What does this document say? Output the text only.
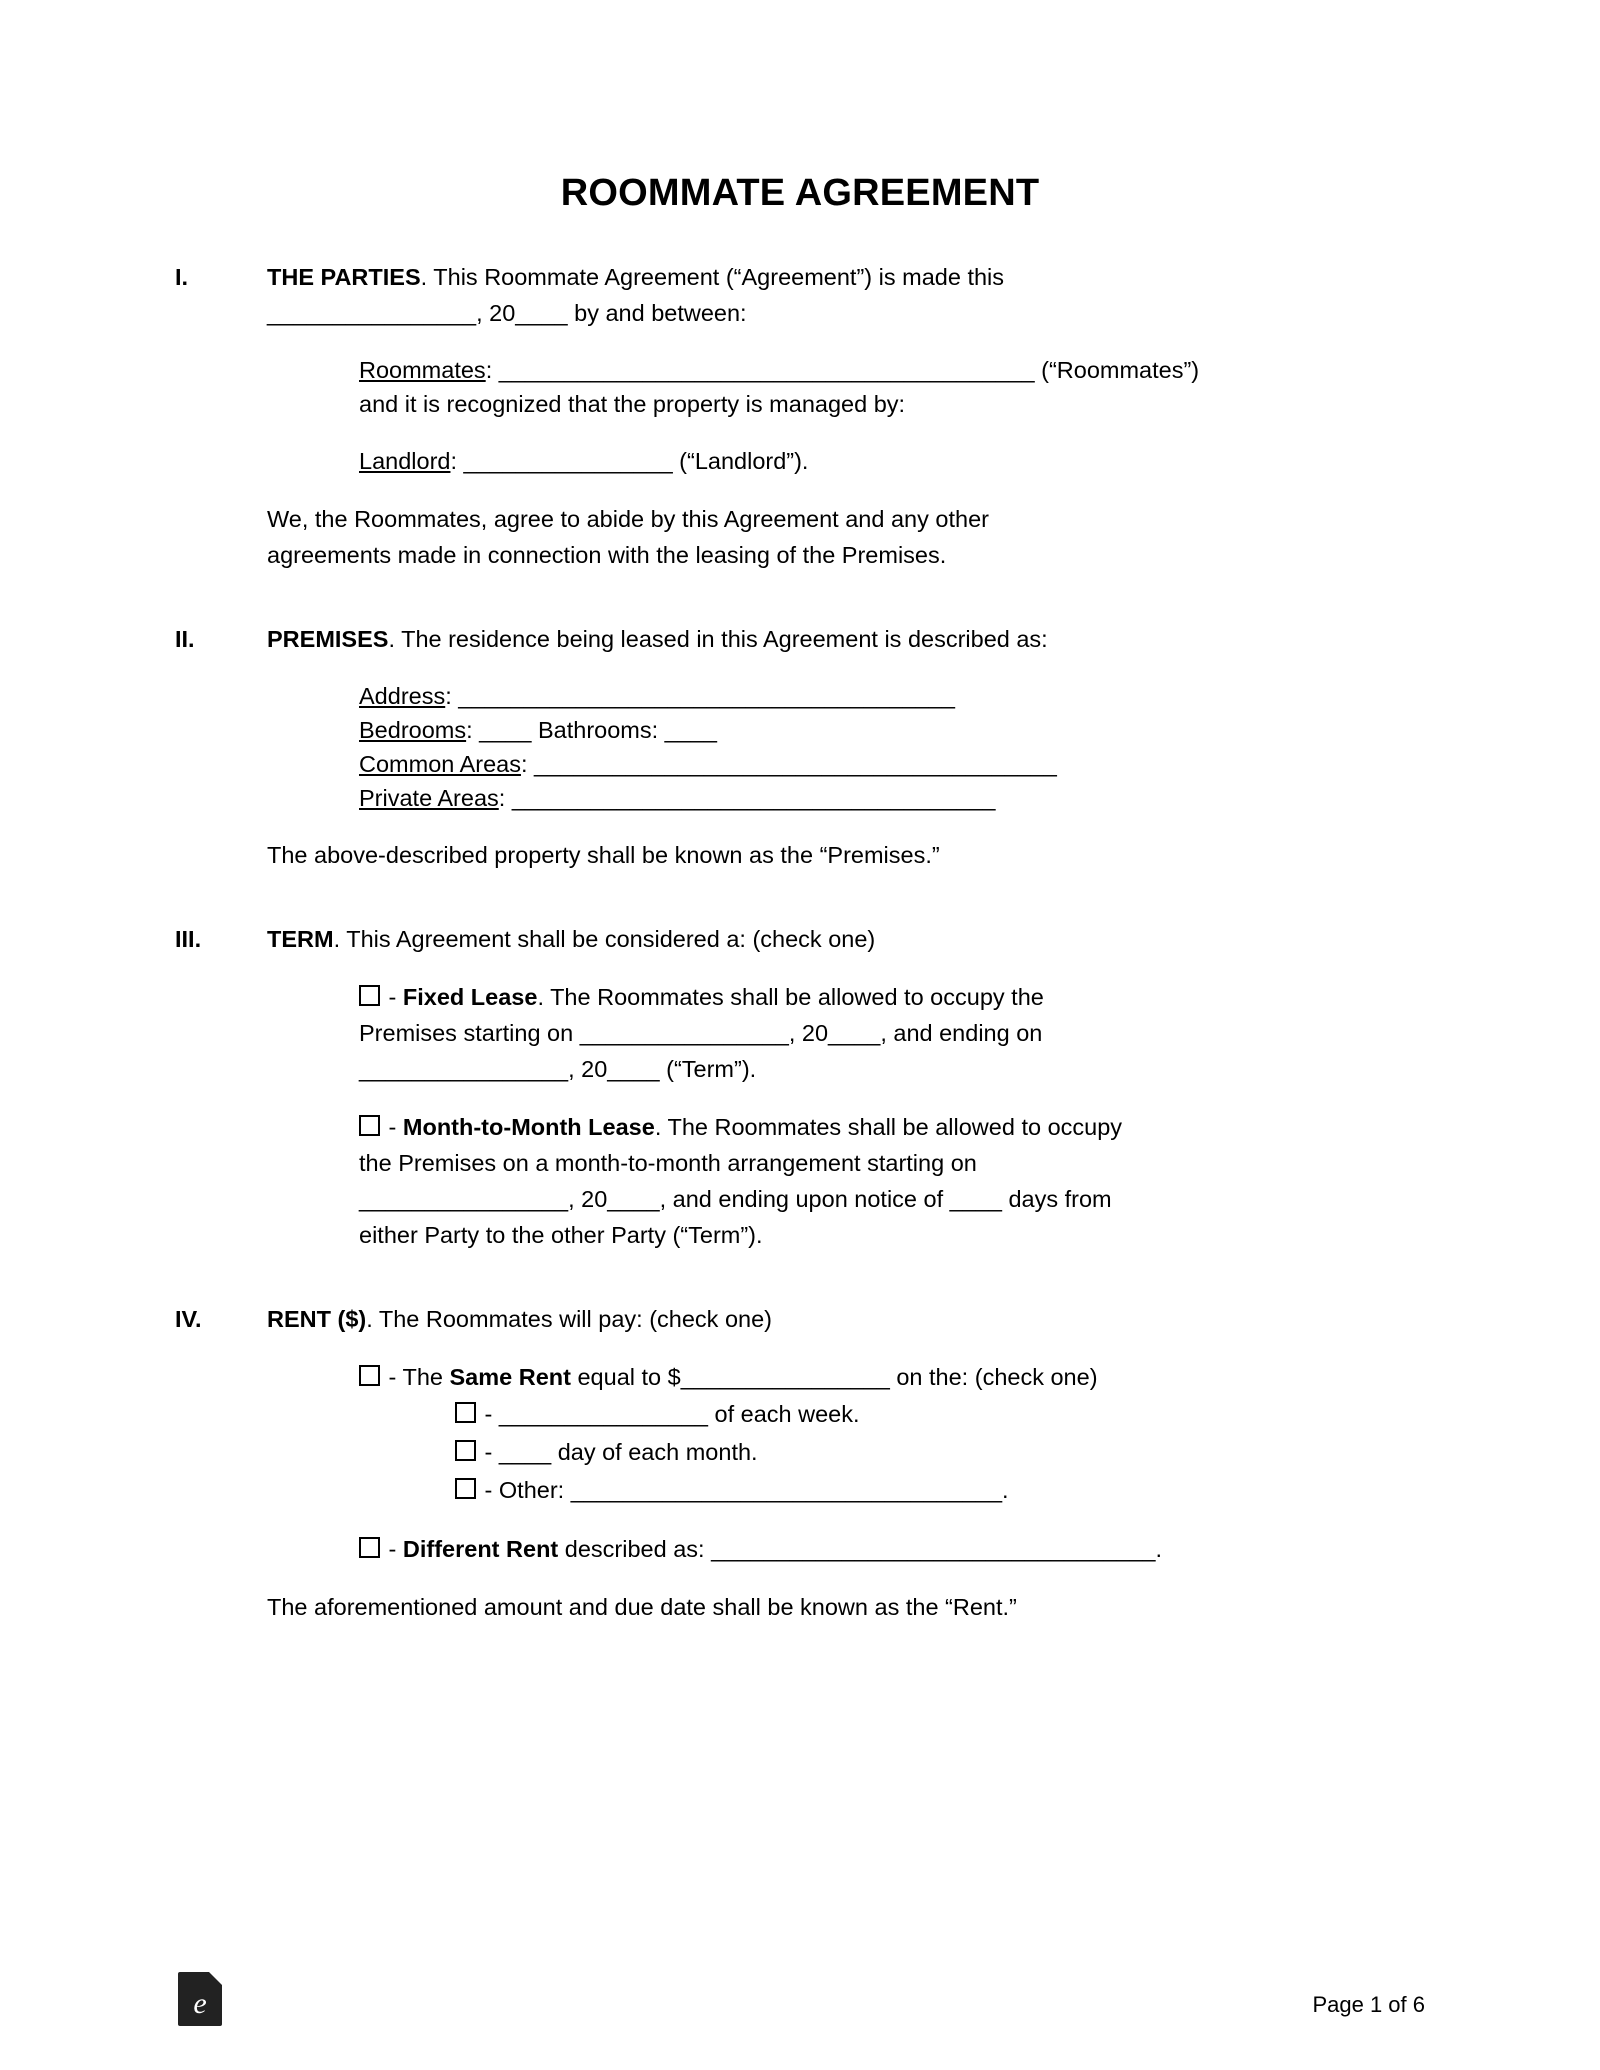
ROOMMATE AGREEMENT
I.	THE PARTIES. This Roommate Agreement (“Agreement”) is made this
________________, 20____ by and between:
Roommates: _________________________________________ (“Roommates”)
and it is recognized that the property is managed by:
Landlord: ________________ (“Landlord”).
We, the Roommates, agree to abide by this Agreement and any other
agreements made in connection with the leasing of the Premises.
II.	PREMISES. The residence being leased in this Agreement is described as:
Address: ______________________________________
Bedrooms: ____ Bathrooms: ____
Common Areas: ________________________________________
Private Areas: _____________________________________
The above-described property shall be known as the “Premises.”
III.	TERM. This Agreement shall be considered a: (check one)
- Fixed Lease. The Roommates shall be allowed to occupy the
Premises starting on ________________, 20____, and ending on
________________, 20____ (“Term”).
- Month-to-Month Lease. The Roommates shall be allowed to occupy
the Premises on a month-to-month arrangement starting on
________________, 20____, and ending upon notice of ____ days from
either Party to the other Party (“Term”).
IV.	RENT ($). The Roommates will pay: (check one)
- The Same Rent equal to $________________ on the: (check one)
- ________________ of each week.
- ____ day of each month.
- Other: _________________________________.
- Different Rent described as: __________________________________.
The aforementioned amount and due date shall be known as the “Rent.”
e	Page 1 of 6
